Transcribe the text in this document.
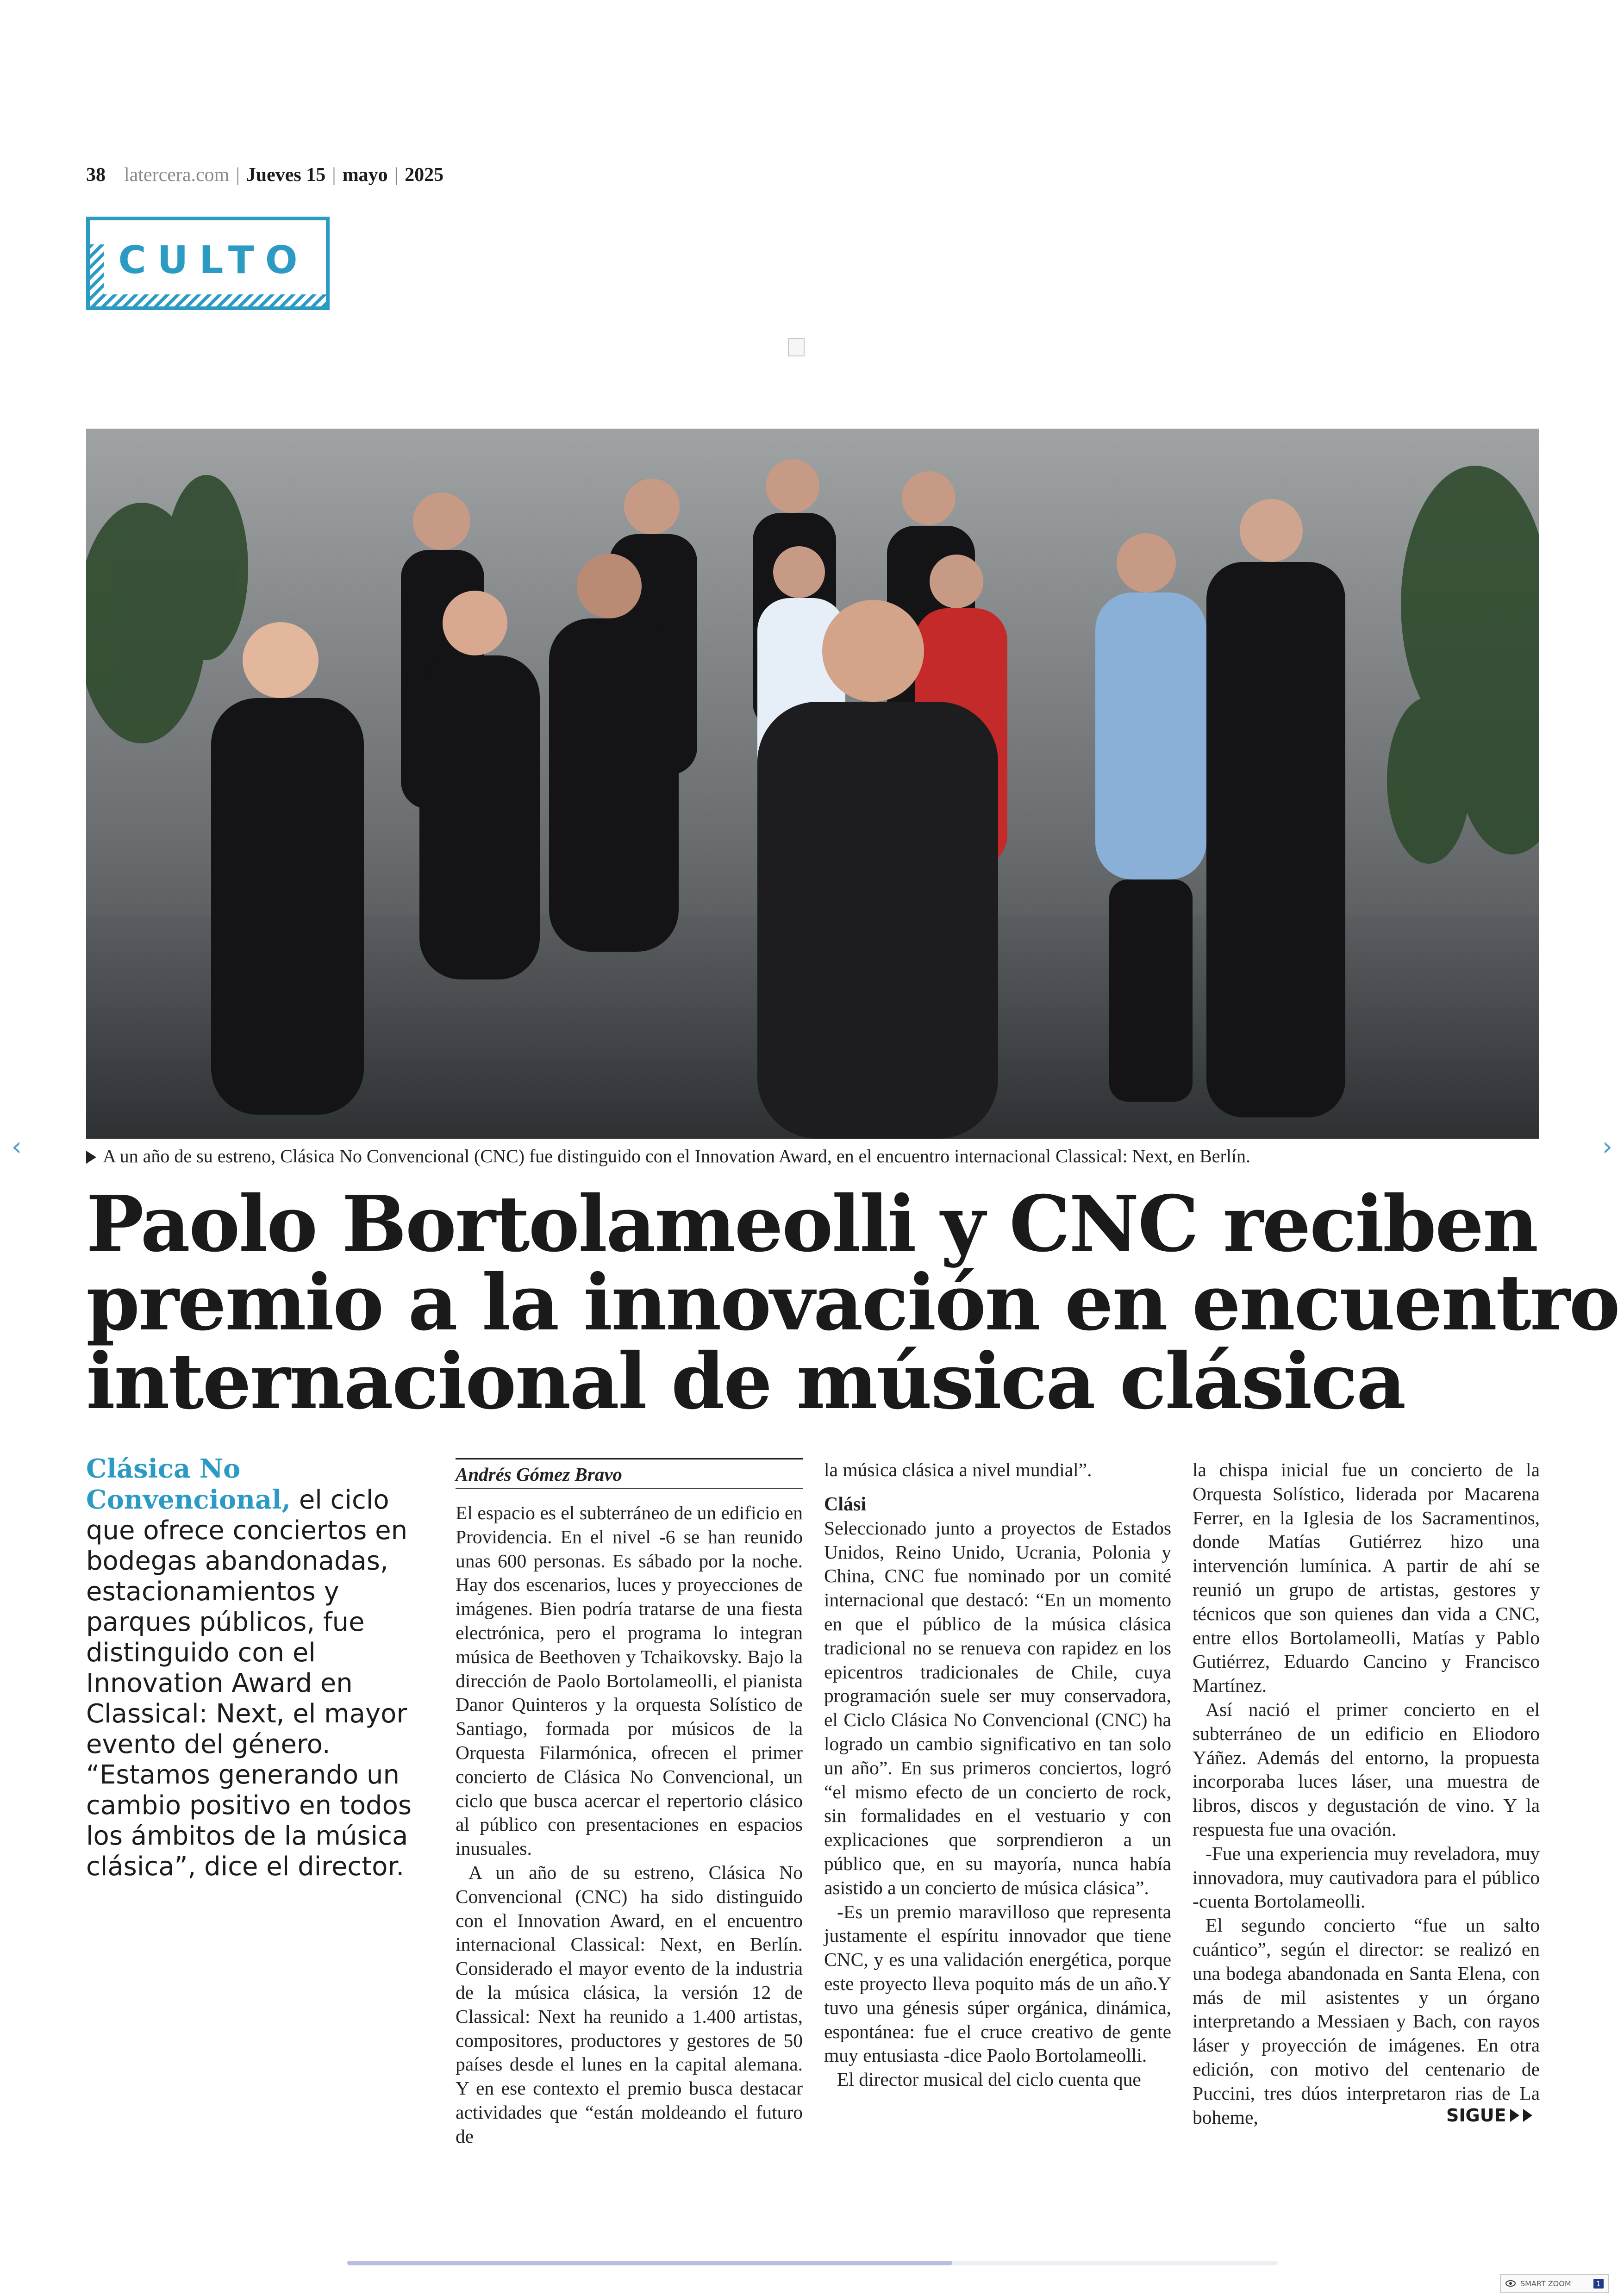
38 latercera.com | Jueves 15 | mayo | 2025
CULTO
A un año de su estreno, Clásica No Convencional (CNC) fue distinguido con el Innovation Award, en el encuentro internacional Classical: Next, en Berlín.
‹	›
Paolo Bortolameolli y CNC reciben
premio a la innovación en encuentro
internacional de música clásica
Clásica No Convencional, el ciclo que ofrece conciertos en bodegas abandonadas, estacionamientos y parques públicos, fue distinguido con el Innovation Award en Classical: Next, el mayor evento del género. “Estamos generando un cambio positivo en todos los ámbitos de la música clásica”, dice el director.
Andrés Gómez Bravo

El espacio es el subterráneo de un edificio en Providencia. En el nivel -6 se han reunido unas 600 personas. Es sábado por la noche. Hay dos escenarios, luces y proyecciones de imágenes. Bien podría tratarse de una fiesta electrónica, pero el programa lo integran música de Beethoven y Tchaikovsky. Bajo la dirección de Paolo Bortolameolli, el pianista Danor Quinteros y la orquesta Solístico de Santiago, formada por músicos de la Orquesta Filarmónica, ofrecen el primer concierto de Clásica No Convencional, un ciclo que busca acercar el repertorio clásico al público con presentaciones en espacios inusuales.

A un año de su estreno, Clásica No Convencional (CNC) ha sido distinguido con el Innovation Award, en el encuentro internacional Classical: Next, en Berlín. Considerado el mayor evento de la industria de la música clásica, la versión 12 de Classical: Next ha reunido a 1.400 artistas, compositores, productores y gestores de 50 países desde el lunes en la capital alemana. Y en ese contexto el premio busca destacar actividades que “están moldeando el futuro de

la música clásica a nivel mundial”.

Clási

Seleccionado junto a proyectos de Estados Unidos, Reino Unido, Ucrania, Polonia y China, CNC fue nominado por un comité internacional que destacó: “En un momento en que el público de la música clásica tradicional no se renueva con rapidez en los epicentros tradicionales de Chile, cuya programación suele ser muy conservadora, el Ciclo Clásica No Convencional (CNC) ha logrado un cambio significativo en tan solo un año”. En sus primeros conciertos, logró “el mismo efecto de un concierto de rock, sin formalidades en el vestuario y con explicaciones que sorprendieron a un público que, en su mayoría, nunca había asistido a un concierto de música clásica”.

-Es un premio maravilloso que representa justamente el espíritu innovador que tiene CNC, y es una validación energética, porque este proyecto lleva poquito más de un año.Y tuvo una génesis súper orgánica, dinámica, espontánea: fue el cruce creativo de gente muy entusiasta -dice Paolo Bortolameolli.

El director musical del ciclo cuenta que

la chispa inicial fue un concierto de la Orquesta Solístico, liderada por Macarena Ferrer, en la Iglesia de los Sacramentinos, donde Matías Gutiérrez hizo una intervención lumínica. A partir de ahí se reunió un grupo de artistas, gestores y técnicos que son quienes dan vida a CNC, entre ellos Bortolameolli, Matías y Pablo Gutiérrez, Eduardo Cancino y Francisco Martínez.

Así nació el primer concierto en el subterráneo de un edificio en Eliodoro Yáñez. Además del entorno, la propuesta incorporaba luces láser, una muestra de libros, discos y degustación de vino. Y la respuesta fue una ovación.

-Fue una experiencia muy reveladora, muy innovadora, muy cautivadora para el público -cuenta Bortolameolli.

El segundo concierto “fue un salto cuántico”, según el director: se realizó en una bodega abandonada en Santa Elena, con más de mil asistentes y un órgano interpretando a Messiaen y Bach, con rayos láser y proyección de imágenes. En otra edición, con motivo del centenario de Puccini, tres dúos interpretaron rias de La boheme,	SIGUE
SMART ZOOM	1
